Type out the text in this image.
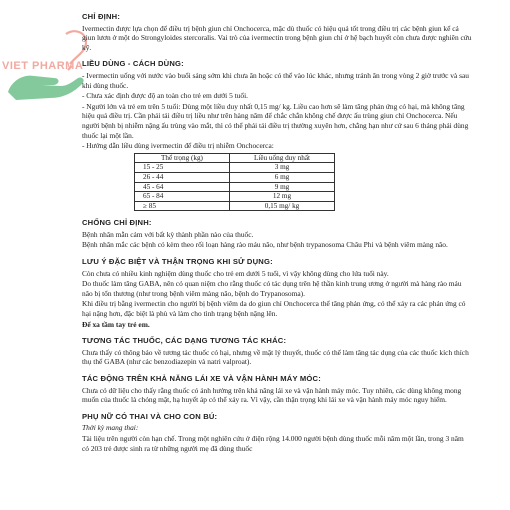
VIET PHARMA
CHỈ ĐỊNH:

Ivermectin được lựa chọn để điều trị bệnh giun chỉ Onchocerca, mặc dù thuốc có hiệu quả tốt trong điều trị các bệnh giun kể cả giun lươn ở một do Strongyloides stercoralis. Vai trò của ivermectin trong bệnh giun chỉ ở hệ bạch huyết còn chưa được nghiên cứu kỹ.

LIỀU DÙNG - CÁCH DÙNG:

- Ivermectin uống với nước vào buổi sáng sớm khi chưa ăn hoặc có thể vào lúc khác, nhưng tránh ăn trong vòng 2 giờ trước và sau khi dùng thuốc.

- Chưa xác định được độ an toàn cho trẻ em dưới 5 tuổi.

- Người lớn và trẻ em trên 5 tuổi: Dùng một liều duy nhất 0,15 mg/ kg. Liều cao hơn sẽ làm tăng phản ứng có hại, mà không tăng hiệu quả điều trị. Cần phải tái điều trị liều như trên hàng năm để chắc chắn không chế được ấu trùng giun chỉ Onchocerca. Nếu người bệnh bị nhiễm nặng ấu trùng vào mắt, thì có thể phải tái điều trị thường xuyên hơn, chẳng hạn như cứ sau 6 tháng phải dùng thuốc lại một lần.

- Hướng dẫn liều dùng ivermectin để điều trị nhiễm Onchocerca:

Thể trọng (kg)	Liều uống duy nhất
15 - 25	3 mg
26 - 44	6 mg
45 - 64	9 mg
65 - 84	12 mg
≥ 85	0,15 mg/ kg
CHỐNG CHỈ ĐỊNH:

Bệnh nhân mẫn cảm với bất kỳ thành phần nào của thuốc.

Bệnh nhân mắc các bệnh có kèm theo rối loạn hàng rào máu não, như bệnh trypanosoma Châu Phi và bệnh viêm màng não.

LƯU Ý ĐẶC BIỆT VÀ THẬN TRỌNG KHI SỬ DỤNG:

Còn chưa có nhiều kinh nghiệm dùng thuốc cho trẻ em dưới 5 tuổi, vì vậy không dùng cho lứa tuổi này.

Do thuốc làm tăng GABA, nên có quan niệm cho rằng thuốc có tác dụng trên hệ thần kinh trung ương ở người mà hàng rào máu não bị tổn thương (như trong bệnh viêm màng não, bệnh do Trypanosoma).

Khi điều trị bằng ivermectin cho người bị bệnh viêm da do giun chỉ Onchocerca thể tăng phản ứng, có thể xảy ra các phản ứng có hại nặng hơn, đặc biệt là phù và làm cho tình trạng bệnh nặng lên.

Để xa tầm tay trẻ em.

TƯƠNG TÁC THUỐC, CÁC DẠNG TƯƠNG TÁC KHÁC:

Chưa thấy có thông báo về tương tác thuốc có hại, nhưng về mặt lý thuyết, thuốc có thể làm tăng tác dụng của các thuốc kích thích thụ thể GABA (như các benzodiazepin và natri valproat).

TÁC ĐỘNG TRÊN KHẢ NĂNG LÁI XE VÀ VẬN HÀNH MÁY MÓC:

Chưa có dữ liệu cho thấy rằng thuốc có ảnh hưởng trên khả năng lái xe và vận hành máy móc. Tuy nhiên, các dùng không mong muốn của thuốc là chóng mặt, hạ huyết áp có thể xảy ra. Vì vậy, cần thận trọng khi lái xe và vận hành máy móc nguy hiểm.

PHỤ NỮ CÓ THAI VÀ CHO CON BÚ:

Thời kỳ mang thai:

Tài liệu trên người còn hạn chế. Trong một nghiên cứu ở điện rộng 14.000 người bệnh dùng thuốc mỗi năm một lần, trong 3 năm có 203 trẻ được sinh ra từ những người mẹ đã dùng thuốc
